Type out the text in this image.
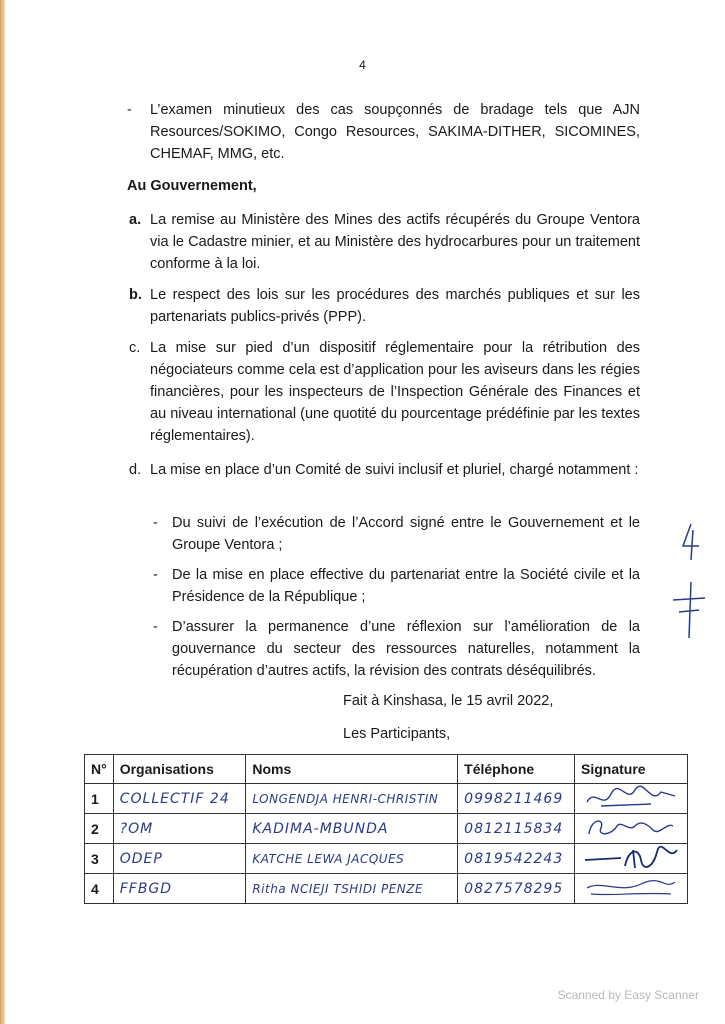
4
- L’examen minutieux des cas soupçonnés de bradage tels que AJN Resources/SOKIMO, Congo Resources, SAKIMA-DITHER, SICOMINES, CHEMAF, MMG, etc.
Au Gouvernement,
a. La remise au Ministère des Mines des actifs récupérés du Groupe Ventora via le Cadastre minier, et au Ministère des hydrocarbures pour un traitement conforme à la loi.
b. Le respect des lois sur les procédures des marchés publiques et sur les partenariats publics-privés (PPP).
c. La mise sur pied d’un dispositif réglementaire pour la rétribution des négociateurs comme cela est d’application pour les aviseurs dans les régies financières, pour les inspecteurs de l’Inspection Générale des Finances et au niveau international (une quotité du pourcentage prédéfinie par les textes réglementaires).
d. La mise en place d’un Comité de suivi inclusif et pluriel, chargé notamment :
- Du suivi de l’exécution de l’Accord signé entre le Gouvernement et le Groupe Ventora ;
- De la mise en place effective du partenariat entre la Société civile et la Présidence de la République ;
- D’assurer la permanence d’une réflexion sur l’amélioration de la gouvernance du secteur des ressources naturelles, notamment la récupération d’autres actifs, la révision des contrats déséquilibrés.
Fait à Kinshasa, le 15 avril 2022,
Les Participants,
N°	Organisations	Noms	Téléphone	Signature
1	COLLECTIF 24	LONGENDJA HENRI-CHRISTIN	0998211469	
2	?OM	KADIMA-MBUNDA	0812115834	
3	ODEP	KATCHE LEWA JACQUES	0819542243	
4	FFBGD	Ritha NCIEJI TSHIDI PENZE	0827578295	
Scanned by Easy Scanner
